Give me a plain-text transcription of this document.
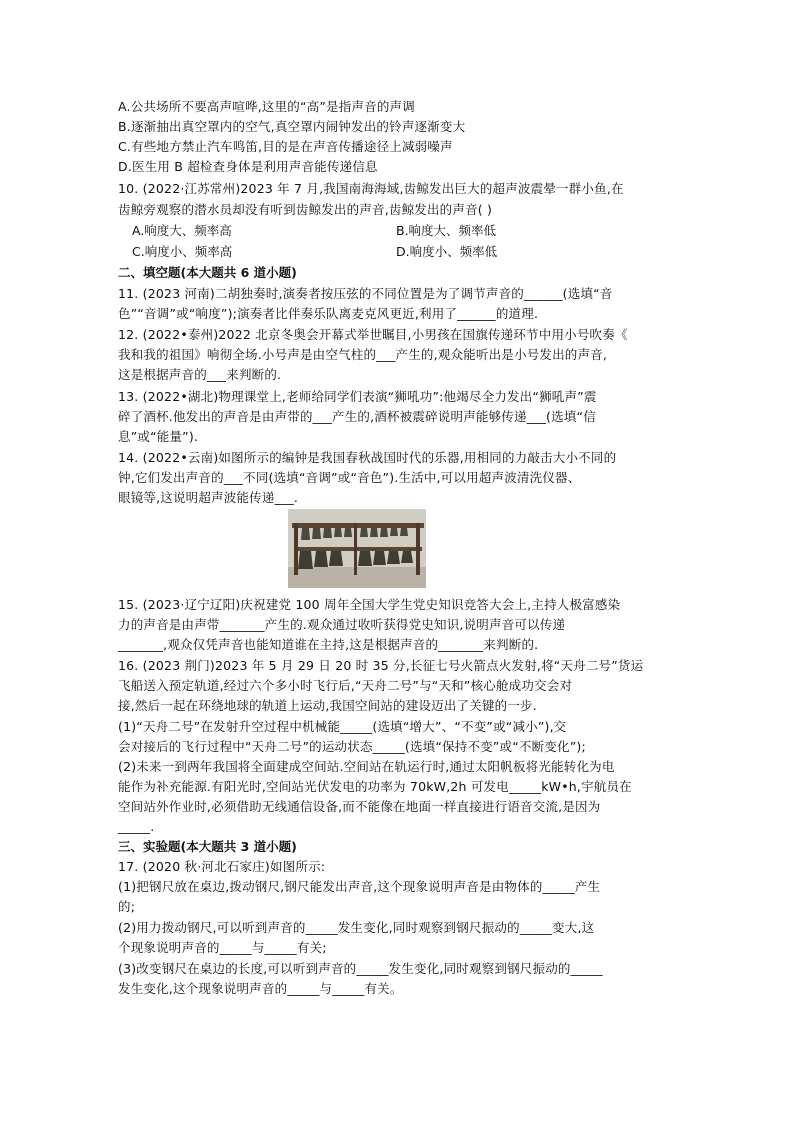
A.公共场所不要高声喧哗,这里的“高”是指声音的声调
B.逐渐抽出真空罩内的空气,真空罩内闹钟发出的铃声逐渐变大
C.有些地方禁止汽车鸣笛,目的是在声音传播途径上减弱噪声
D.医生用 B 超检查身体是利用声音能传递信息
10. (2022·江苏常州)2023 年 7 月,我国南海海域,齿鲸发出巨大的超声波震晕一群小鱼,在
齿鲸旁观察的潜水员却没有听到齿鲸发出的声音,齿鲸发出的声音( )
A.响度大、频率高	B.响度大、频率低
C.响度小、频率高	D.响度小、频率低
二、填空题(本大题共 6 道小题)
11. (2023 河南)二胡独奏时,演奏者按压弦的不同位置是为了调节声音的______(选填“音
色”“音调”或“响度”);演奏者比伴奏乐队离麦克风更近,利用了______的道理.
12. (2022•泰州)2022 北京冬奥会开幕式举世瞩目,小男孩在国旗传递环节中用小号吹奏《
我和我的祖国》响彻全场.小号声是由空气柱的___产生的,观众能听出是小号发出的声音,
这是根据声音的___来判断的.
13. (2022•湖北)物理课堂上,老师给同学们表演“狮吼功”:他竭尽全力发出“狮吼声”震
碎了酒杯.他发出的声音是由声带的___产生的,酒杯被震碎说明声能够传递___(选填“信
息”或“能量”).
14. (2022•云南)如图所示的编钟是我国春秋战国时代的乐器,用相同的力敲击大小不同的
钟,它们发出声音的___不同(选填“音调”或“音色”).生活中,可以用超声波清洗仪器、
眼镜等,这说明超声波能传递___.
15. (2023·辽宁辽阳)庆祝建党 100 周年全国大学生党史知识竞答大会上,主持人极富感染
力的声音是由声带_______产生的.观众通过收听获得党史知识,说明声音可以传递
_______,观众仅凭声音也能知道谁在主持,这是根据声音的_______来判断的.
16. (2023 荆门)2023 年 5 月 29 日 20 时 35 分,长征七号火箭点火发射,将“天舟二号”货运
飞船送入预定轨道,经过六个多小时飞行后,“天舟二号”与“天和”核心舱成功交会对
接,然后一起在环绕地球的轨道上运动,我国空间站的建设迈出了关键的一步.
(1)“天舟二号”在发射升空过程中机械能_____(选填“增大”、“不变”或“减小”),交
会对接后的飞行过程中“天舟二号”的运动状态_____(选填“保持不变”或“不断变化”);
(2)未来一到两年我国将全面建成空间站.空间站在轨运行时,通过太阳帆板将光能转化为电
能作为补充能源.有阳光时,空间站光伏发电的功率为 70kW,2h 可发电_____kW•h,宇航员在
空间站外作业时,必须借助无线通信设备,而不能像在地面一样直接进行语音交流,是因为
_____.
三、实验题(本大题共 3 道小题)
17. (2020 秋·河北石家庄)如图所示:
(1)把钢尺放在桌边,拨动钢尺,钢尺能发出声音,这个现象说明声音是由物体的_____产生
的;
(2)用力拨动钢尺,可以听到声音的_____发生变化,同时观察到钢尺振动的_____变大,这
个现象说明声音的_____与_____有关;
(3)改变钢尺在桌边的长度,可以听到声音的_____发生变化,同时观察到钢尺振动的_____
发生变化,这个现象说明声音的_____与_____有关。
